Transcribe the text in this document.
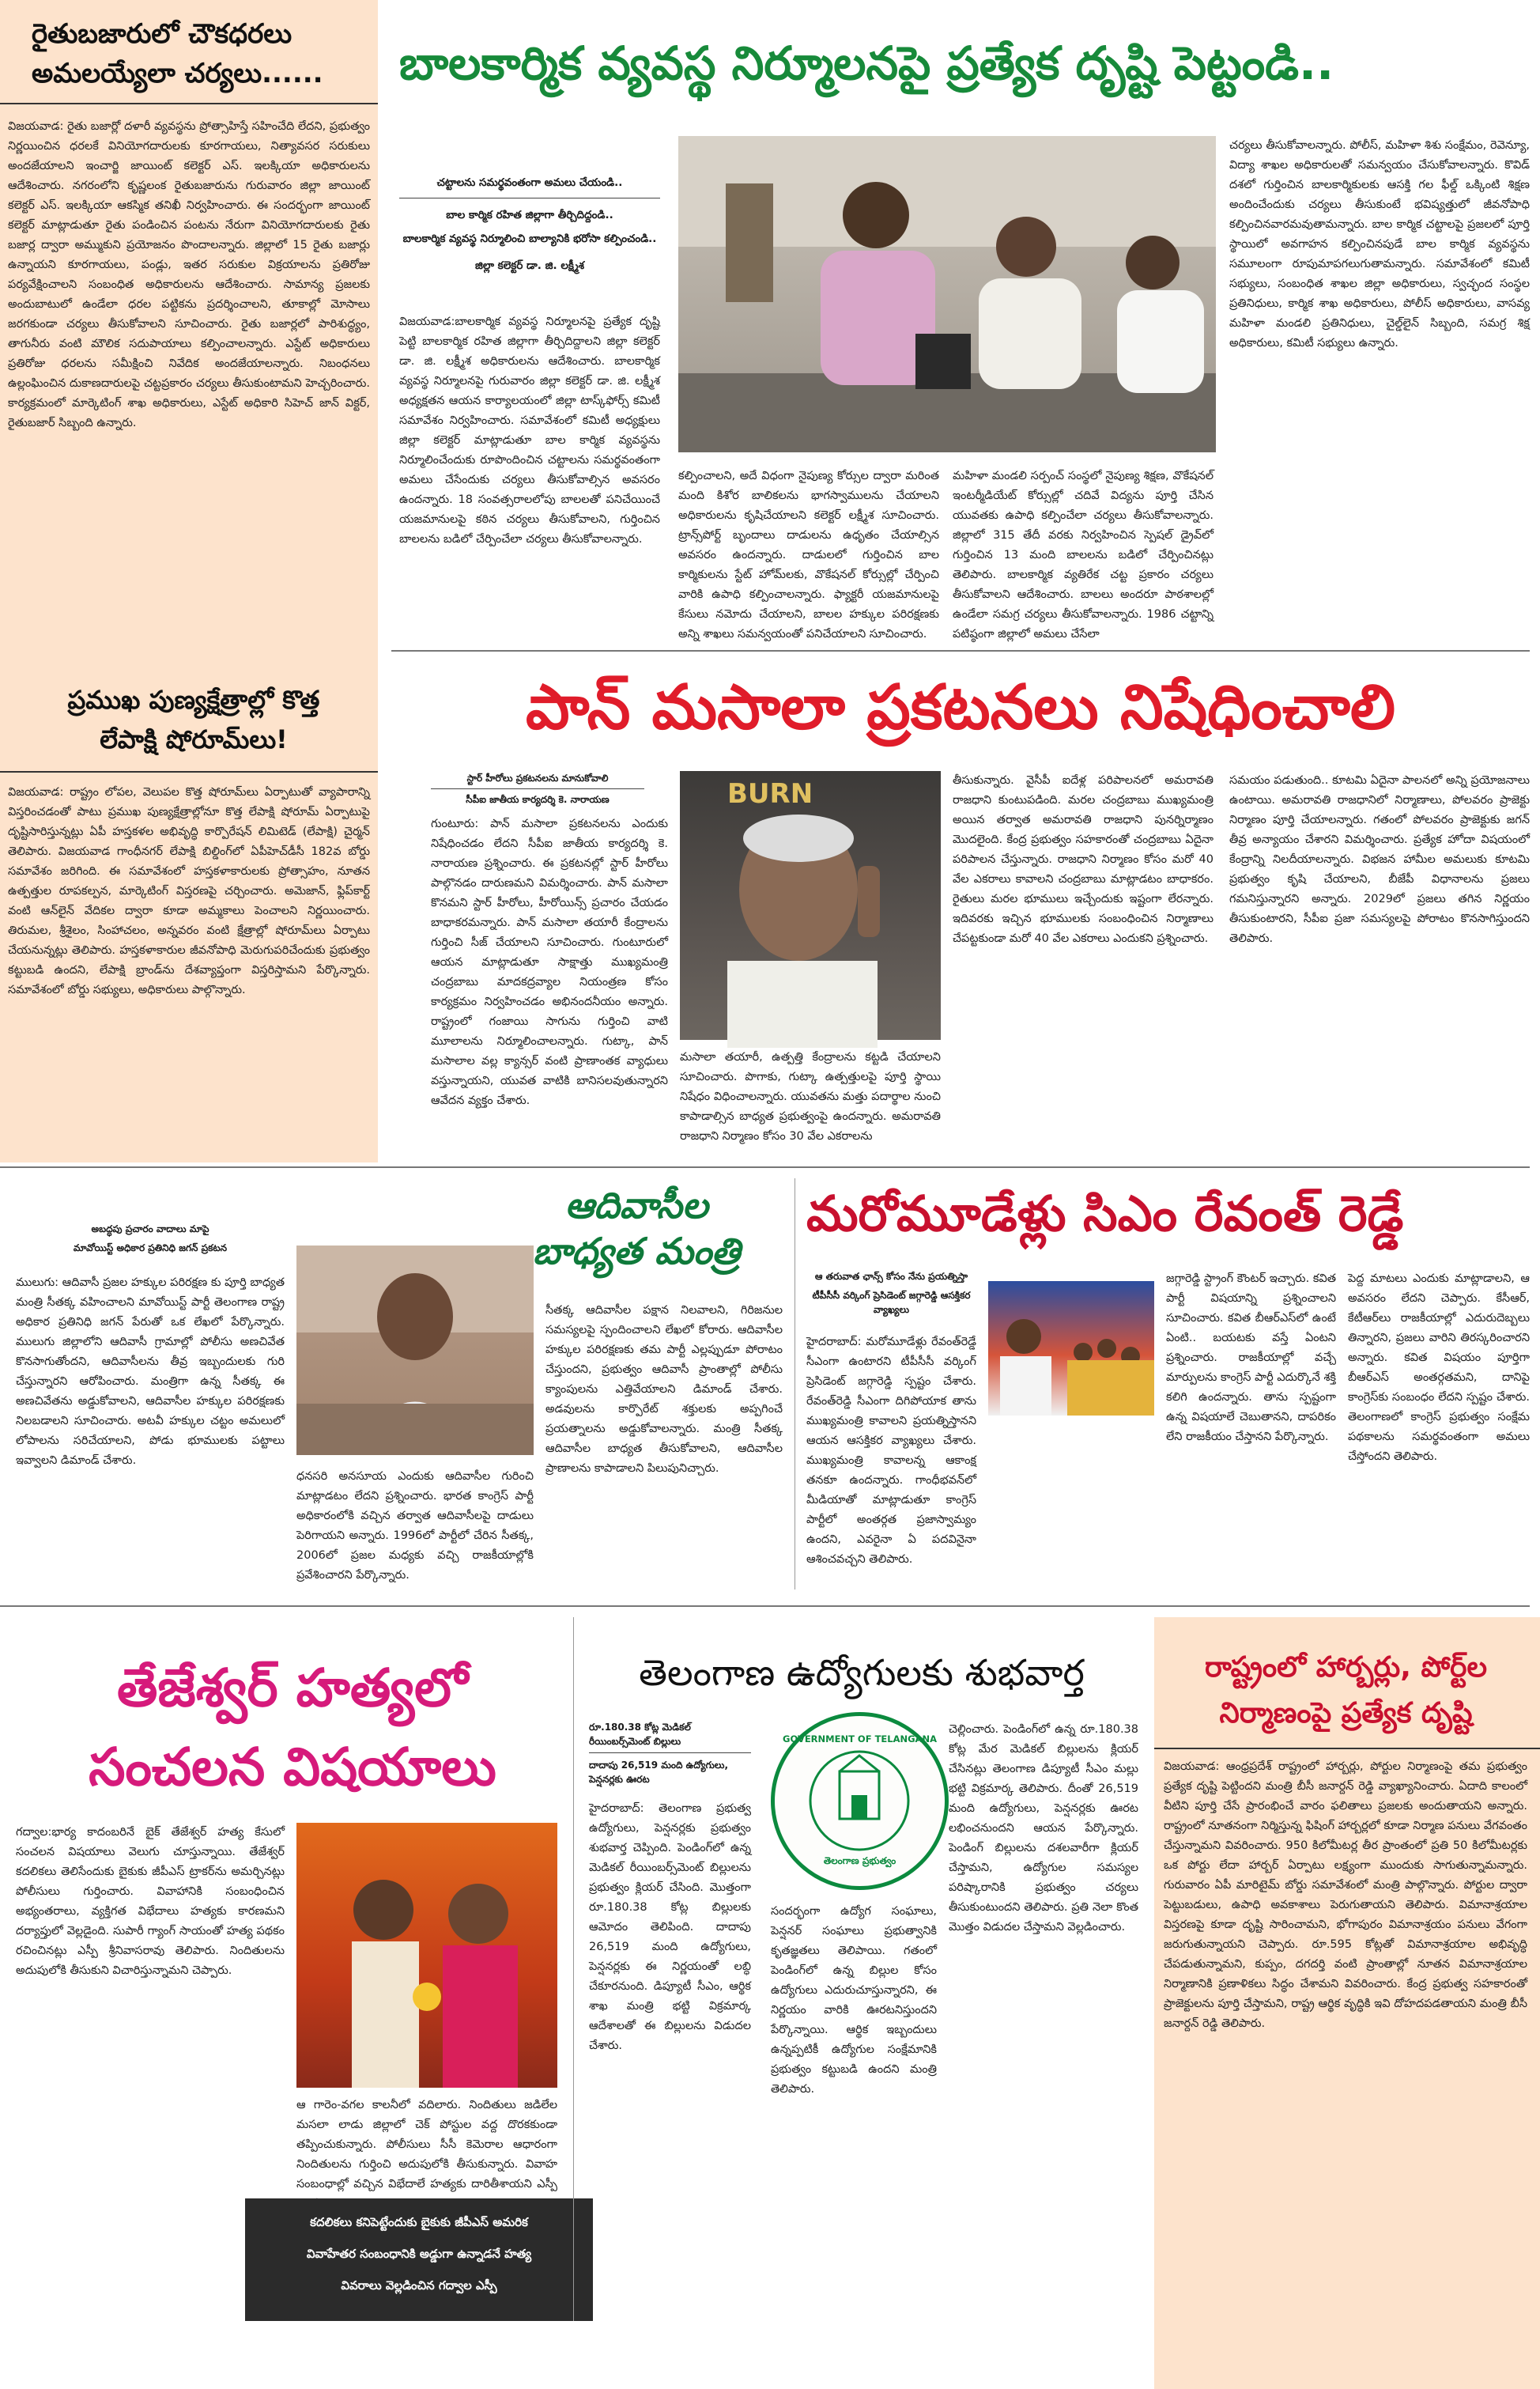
రైతుబజారులో చౌకధరలు
అమలయ్యేలా చర్యలు......
విజయవాడ: రైతు బజార్లో దళారీ వ్యవస్థను ప్రోత్సాహిస్తే సహించేది లేదని, ప్రభుత్వం నిర్ణయించిన ధరలకే వినియోగదారులకు కూరగాయలు, నిత్యావసర సరుకులు అందజేయాలని ఇంచార్జి జాయింట్ కలెక్టర్ ఎస్. ఇలక్కియా అధికారులను ఆదేశించారు. నగరంలోని కృష్ణలంక రైతుబజారును గురువారం జిల్లా జాయింట్ కలెక్టర్ ఎస్. ఇలక్కియా ఆకస్మిక తనిఖీ నిర్వహించారు. ఈ సందర్భంగా జాయింట్ కలెక్టర్ మాట్లాడుతూ రైతు పండించిన పంటను నేరుగా వినియోగదారులకు రైతు బజార్ల ద్వారా అమ్ముకుని ప్రయోజనం పొందాలన్నారు. జిల్లాలో 15 రైతు బజార్లు ఉన్నాయని కూరగాయలు, పండ్లు, ఇతర సరుకుల విక్రయాలను ప్రతిరోజు పర్యవేక్షించాలని సంబంధిత అధికారులను ఆదేశించారు. సామాన్య ప్రజలకు అందుబాటులో ఉండేలా ధరల పట్టికను ప్రదర్శించాలని, తూకాల్లో మోసాలు జరగకుండా చర్యలు తీసుకోవాలని సూచించారు. రైతు బజార్లలో పారిశుద్ధ్యం, తాగునీరు వంటి మౌలిక సదుపాయాలు కల్పించాలన్నారు. ఎస్టేట్ అధికారులు ప్రతిరోజు ధరలను సమీక్షించి నివేదిక అందజేయాలన్నారు. నిబంధనలు ఉల్లంఘించిన దుకాణదారులపై చట్టప్రకారం చర్యలు తీసుకుంటామని హెచ్చరించారు. కార్యక్రమంలో మార్కెటింగ్ శాఖ అధికారులు, ఎస్టేట్ అధికారి సిహెచ్ జాన్ విక్టర్, రైతుబజార్ సిబ్బంది ఉన్నారు.
ప్రముఖ పుణ్యక్షేత్రాల్లో కొత్త
లేపాక్షి షోరూమ్‌లు!
విజయవాడ: రాష్ట్రం లోపల, వెలుపల కొత్త షోరూమ్‌లు ఏర్పాటుతో వ్యాపారాన్ని విస్తరించడంతో పాటు ప్రముఖ పుణ్యక్షేత్రాల్లోనూ కొత్త లేపాక్షి షోరూమ్ ఏర్పాటుపై దృష్టిసారిస్తున్నట్లు ఏపీ హస్తకళల అభివృద్ధి కార్పొరేషన్ లిమిటెడ్ (లేపాక్షి) చైర్మన్ తెలిపారు. విజయవాడ గాంధీనగర్ లేపాక్షి బిల్డింగ్‌లో ఏపీహెచ్‌డీసీ 182వ బోర్డు సమావేశం జరిగింది. ఈ సమావేశంలో హస్తకళాకారులకు ప్రోత్సాహం, నూతన ఉత్పత్తుల రూపకల్పన, మార్కెటింగ్ విస్తరణపై చర్చించారు. అమెజాన్, ఫ్లిప్‌కార్ట్ వంటి ఆన్‌లైన్ వేదికల ద్వారా కూడా అమ్మకాలు పెంచాలని నిర్ణయించారు. తిరుమల, శ్రీశైలం, సింహాచలం, అన్నవరం వంటి క్షేత్రాల్లో షోరూమ్‌లు ఏర్పాటు చేయనున్నట్లు తెలిపారు. హస్తకళాకారుల జీవనోపాధి మెరుగుపరిచేందుకు ప్రభుత్వం కట్టుబడి ఉందని, లేపాక్షి బ్రాండ్‌ను దేశవ్యాప్తంగా విస్తరిస్తామని పేర్కొన్నారు. సమావేశంలో బోర్డు సభ్యులు, అధికారులు పాల్గొన్నారు.
బాలకార్మిక వ్యవస్థ నిర్మూలనపై ప్రత్యేక దృష్టి పెట్టండి..
చట్టాలను సమర్థవంతంగా అమలు చేయండి..
బాల కార్మిక రహిత జిల్లాగా తీర్చిదిద్దండి..
బాలకార్మిక వ్యవస్థ నిర్మూలించి బాల్యానికి భరోసా కల్పించండి..
జిల్లా కలెక్టర్ డా. జి. లక్ష్మీశ
విజయవాడ:బాలకార్మిక వ్యవస్థ నిర్మూలనపై ప్రత్యేక దృష్టి పెట్టి బాలకార్మిక రహిత జిల్లాగా తీర్చిదిద్దాలని జిల్లా కలెక్టర్ డా. జి. లక్ష్మీశ అధికారులను ఆదేశించారు. బాలకార్మిక వ్యవస్థ నిర్మూలనపై గురువారం జిల్లా కలెక్టర్ డా. జి. లక్ష్మీశ అధ్యక్షతన ఆయన కార్యాలయంలో జిల్లా టాస్క్‌ఫోర్స్ కమిటీ సమావేశం నిర్వహించారు. సమావేశంలో కమిటీ అధ్యక్షులు జిల్లా కలెక్టర్ మాట్లాడుతూ బాల కార్మిక వ్యవస్థను నిర్మూలించేందుకు రూపొందించిన చట్టాలను సమర్థవంతంగా అమలు చేసేందుకు చర్యలు తీసుకోవాల్సిన అవసరం ఉందన్నారు. 18 సంవత్సరాలలోపు బాలలతో పనిచేయించే యజమానులపై కఠిన చర్యలు తీసుకోవాలని, గుర్తించిన బాలలను బడిలో చేర్పించేలా చర్యలు తీసుకోవాలన్నారు.
కల్పించాలని, అదే విధంగా నైపుణ్య కోర్సుల ద్వారా మరింత మంది కిశోర బాలికలను భాగస్వాములను చేయాలని అధికారులను కృషిచేయాలని కలెక్టర్ లక్ష్మీశ సూచించారు. ట్రాన్స్‌పోర్ట్ బృందాలు దాడులను ఉధృతం చేయాల్సిన అవసరం ఉందన్నారు. దాడులలో గుర్తించిన బాల కార్మికులను స్టేట్ హోమ్‌లకు, వొకేషనల్ కోర్సుల్లో చేర్పించి వారికి ఉపాధి కల్పించాలన్నారు. ఫ్యాక్టరీ యజమానులపై కేసులు నమోదు చేయాలని, బాలల హక్కుల పరిరక్షణకు అన్ని శాఖలు సమన్వయంతో పనిచేయాలని సూచించారు.
మహిళా మండలి సర్పంచ్ సంస్థలో నైపుణ్య శిక్షణ, వొకేషనల్ ఇంటర్మీడియేట్ కోర్సుల్లో చదివే విద్యను పూర్తి చేసిన యువతకు ఉపాధి కల్పించేలా చర్యలు తీసుకోవాలన్నారు. జిల్లాలో 315 తేదీ వరకు నిర్వహించిన స్పెషల్ డ్రైవ్‌లో గుర్తించిన 13 మంది బాలలను బడిలో చేర్పించినట్లు తెలిపారు. బాలకార్మిక వ్యతిరేక చట్ట ప్రకారం చర్యలు తీసుకోవాలని ఆదేశించారు. బాలలు అందరూ పాఠశాలల్లో ఉండేలా సమగ్ర చర్యలు తీసుకోవాలన్నారు. 1986 చట్టాన్ని పటిష్ఠంగా జిల్లాలో అమలు చేసేలా
చర్యలు తీసుకోవాలన్నారు. పోలీస్, మహిళా శిశు సంక్షేమం, రెవెన్యూ, విద్యా శాఖల అధికారులతో సమన్వయం చేసుకోవాలన్నారు. కొవిడ్ దశలో గుర్తించిన బాలకార్మికులకు ఆసక్తి గల ఫీల్డ్ ఒక్కింటి శిక్షణ అందించేందుకు చర్యలు తీసుకుంటే భవిష్యత్తులో జీవనోపాధి కల్పించినవారమవుతామన్నారు. బాల కార్మిక చట్టాలపై ప్రజలలో పూర్తి స్థాయిలో అవగాహన కల్పించినపుడే బాల కార్మిక వ్యవస్థను సమూలంగా రూపుమాపగలుగుతామన్నారు. సమావేశంలో కమిటీ సభ్యులు, సంబంధిత శాఖల జిల్లా అధికారులు, స్వచ్ఛంద సంస్థల ప్రతినిధులు, కార్మిక శాఖ అధికారులు, పోలీస్ అధికారులు, వాసవ్య మహిళా మండలి ప్రతినిధులు, చైల్డ్‌లైన్ సిబ్బంది, సమగ్ర శిక్ష అధికారులు, కమిటీ సభ్యులు ఉన్నారు.
పాన్ మసాలా ప్రకటనలు నిషేధించాలి
స్టార్ హీరోలు ప్రకటనలను మానుకోవాలి
సీపీఐ జాతీయ కార్యదర్శి కె. నారాయణ
గుంటూరు: పాన్ మసాలా ప్రకటనలను ఎందుకు నిషేధించడం లేదని సీపీఐ జాతీయ కార్యదర్శి కె. నారాయణ ప్రశ్నించారు. ఈ ప్రకటనల్లో స్టార్ హీరోలు పాల్గొనడం దారుణమని విమర్శించారు. పాన్ మసాలా కొనమని స్టార్ హీరోలు, హీరోయిన్స్ ప్రచారం చేయడం బాధాకరమన్నారు. పాన్ మసాలా తయారీ కేంద్రాలను గుర్తించి సీజ్ చేయాలని సూచించారు. గుంటూరులో ఆయన మాట్లాడుతూ సాక్షాత్తు ముఖ్యమంత్రి చంద్రబాబు మాదకద్రవ్యాల నియంత్రణ కోసం కార్యక్రమం నిర్వహించడం అభినందనీయం అన్నారు. రాష్ట్రంలో గంజాయి సాగును గుర్తించి వాటి మూలాలను నిర్మూలించాలన్నారు. గుట్కా, పాన్ మసాలాల వల్ల క్యాన్సర్ వంటి ప్రాణాంతక వ్యాధులు వస్తున్నాయని, యువత వాటికి బానిసలవుతున్నారని ఆవేదన వ్యక్తం చేశారు.
BURN
మసాలా తయారీ, ఉత్పత్తి కేంద్రాలను కట్టడి చేయాలని సూచించారు. పొగాకు, గుట్కా ఉత్పత్తులపై పూర్తి స్థాయి నిషేధం విధించాలన్నారు. యువతను మత్తు పదార్థాల నుంచి కాపాడాల్సిన బాధ్యత ప్రభుత్వంపై ఉందన్నారు. అమరావతి రాజధాని నిర్మాణం కోసం 30 వేల ఎకరాలను
తీసుకున్నారు. వైసీపీ ఐదేళ్ల పరిపాలనలో అమరావతి రాజధాని కుంటుపడింది. మరల చంద్రబాబు ముఖ్యమంత్రి అయిన తర్వాత అమరావతి రాజధాని పునర్నిర్మాణం మొదలైంది. కేంద్ర ప్రభుత్వం సహకారంతో చంద్రబాబు ఏదైనా పరిపాలన చేస్తున్నారు. రాజధాని నిర్మాణం కోసం మరో 40 వేల ఎకరాలు కావాలని చంద్రబాబు మాట్లాడటం బాధాకరం. రైతులు మరల భూములు ఇచ్చేందుకు ఇష్టంగా లేరన్నారు. ఇదివరకు ఇచ్చిన భూములకు సంబంధించిన నిర్మాణాలు చేపట్టకుండా మరో 40 వేల ఎకరాలు ఎందుకని ప్రశ్నించారు.
సమయం పడుతుంది.. కూటమి ఏదైనా పాలనలో అన్ని ప్రయోజనాలు ఉంటాయి. అమరావతి రాజధానిలో నిర్మాణాలు, పోలవరం ప్రాజెక్టు నిర్మాణం పూర్తి చేయాలన్నారు. గతంలో పోలవరం ప్రాజెక్టుకు జగన్ తీవ్ర అన్యాయం చేశారని విమర్శించారు. ప్రత్యేక హోదా విషయంలో కేంద్రాన్ని నిలదీయాలన్నారు. విభజన హామీల అమలుకు కూటమి ప్రభుత్వం కృషి చేయాలని, బీజేపీ విధానాలను ప్రజలు గమనిస్తున్నారని అన్నారు. 2029లో ప్రజలు తగిన నిర్ణయం తీసుకుంటారని, సీపీఐ ప్రజా సమస్యలపై పోరాటం కొనసాగిస్తుందని తెలిపారు.
అబద్ధపు ప్రచారం వాదాలు మాపై
మావోయిస్ట్ అధికార ప్రతినిధి జగన్ ప్రకటన
ములుగు: ఆదివాసీ ప్రజల హక్కుల పరిరక్షణ కు పూర్తి బాధ్యత మంత్రి సీతక్క వహించాలని మావోయిస్ట్ పార్టీ తెలంగాణ రాష్ట్ర అధికార ప్రతినిధి జగన్ పేరుతో ఒక లేఖలో పేర్కొన్నారు. ములుగు జిల్లాలోని ఆదివాసీ గ్రామాల్లో పోలీసు అణచివేత కొనసాగుతోందని, ఆదివాసీలను తీవ్ర ఇబ్బందులకు గురి చేస్తున్నారని ఆరోపించారు. మంత్రిగా ఉన్న సీతక్క ఈ అణచివేతను అడ్డుకోవాలని, ఆదివాసీల హక్కుల పరిరక్షణకు నిలబడాలని సూచించారు. అటవీ హక్కుల చట్టం అమలులో లోపాలను సరిచేయాలని, పోడు భూములకు పట్టాలు ఇవ్వాలని డిమాండ్ చేశారు.
ధనసరి అనసూయ ఎందుకు ఆదివాసీల గురించి మాట్లాడటం లేదని ప్రశ్నించారు. భారత కాంగ్రెస్ పార్టీ అధికారంలోకి వచ్చిన తర్వాత ఆదివాసీలపై దాడులు పెరిగాయని అన్నారు. 1996లో పార్టీలో చేరిన సీతక్క, 2006లో ప్రజల మధ్యకు వచ్చి రాజకీయాల్లోకి ప్రవేశించారని పేర్కొన్నారు.
ఆదివాసీల బాధ్యత మంత్రి
సీతక్క ఆదివాసీల పక్షాన నిలవాలని, గిరిజనుల సమస్యలపై స్పందించాలని లేఖలో కోరారు. ఆదివాసీల హక్కుల పరిరక్షణకు తమ పార్టీ ఎల్లప్పుడూ పోరాటం చేస్తుందని, ప్రభుత్వం ఆదివాసీ ప్రాంతాల్లో పోలీసు క్యాంపులను ఎత్తివేయాలని డిమాండ్ చేశారు. అడవులను కార్పొరేట్ శక్తులకు అప్పగించే ప్రయత్నాలను అడ్డుకోవాలన్నారు. మంత్రి సీతక్క ఆదివాసీల బాధ్యత తీసుకోవాలని, ఆదివాసీల ప్రాణాలను కాపాడాలని పిలుపునిచ్చారు.
మరోమూడేళ్లు సిఎం రేవంత్ రెడ్డే
ఆ తరువాత ఛాన్స్ కోసం నేను ప్రయత్నిస్తా
టీపీసీసీ వర్కింగ్ ప్రెసిడెంట్ జగ్గారెడ్డి ఆసక్తికర వ్యాఖ్యలు
హైదరాబాద్: మరోమూడేళ్లు రేవంత్‌రెడ్డే సీఎంగా ఉంటారని టీపీసీసీ వర్కింగ్ ప్రెసిడెంట్ జగ్గారెడ్డి స్పష్టం చేశారు. రేవంత్‌రెడ్డి సీఎంగా దిగిపోయాక తాను ముఖ్యమంత్రి కావాలని ప్రయత్నిస్తానని ఆయన ఆసక్తికర వ్యాఖ్యలు చేశారు. ముఖ్యమంత్రి కావాలన్న ఆకాంక్ష తనకూ ఉందన్నారు. గాంధీభవన్‌లో మీడియాతో మాట్లాడుతూ కాంగ్రెస్ పార్టీలో అంతర్గత ప్రజాస్వామ్యం ఉందని, ఎవరైనా ఏ పదవినైనా ఆశించవచ్చని తెలిపారు.
జగ్గారెడ్డి స్ట్రాంగ్ కౌంటర్ ఇచ్చారు. కవిత పార్టీ విషయాన్ని ప్రశ్నించాలని సూచించారు. కవిత బీఆర్ఎస్‌లో ఉంటే ఏంటి.. బయటకు వస్తే ఏంటని ప్రశ్నించారు. రాజకీయాల్లో వచ్చే మార్పులను కాంగ్రెస్ పార్టీ ఎదుర్కొనే శక్తి కలిగి ఉందన్నారు. తాను స్పష్టంగా ఉన్న విషయాలే చెబుతానని, దాపరికం లేని రాజకీయం చేస్తానని పేర్కొన్నారు.
పెద్ద మాటలు ఎందుకు మాట్లాడాలని, ఆ అవసరం లేదని చెప్పారు. కేసీఆర్, కేటీఆర్‌లు రాజకీయాల్లో ఎదురుదెబ్బలు తిన్నారని, ప్రజలు వారిని తిరస్కరించారని అన్నారు. కవిత విషయం పూర్తిగా బీఆర్ఎస్ అంతర్గతమని, దానిపై కాంగ్రెస్‌కు సంబంధం లేదని స్పష్టం చేశారు. తెలంగాణలో కాంగ్రెస్ ప్రభుత్వం సంక్షేమ పథకాలను సమర్థవంతంగా అమలు చేస్తోందని తెలిపారు.
తేజేశ్వర్ హత్యలో
సంచలన విషయాలు
గద్వాల:భార్య కాదంబరినే బైక్ తేజేశ్వర్ హత్య కేసులో సంచలన విషయాలు వెలుగు చూస్తున్నాయి. తేజేశ్వర్ కదలికలు తెలిసేందుకు బైకుకు జీపీఎస్ ట్రాకర్‌ను అమర్చినట్లు పోలీసులు గుర్తించారు. వివాహానికి సంబంధించిన అభ్యంతరాలు, వ్యక్తిగత విభేదాలు హత్యకు కారణమని దర్యాప్తులో వెల్లడైంది. సుపారీ గ్యాంగ్ సాయంతో హత్య పథకం రచించినట్లు ఎస్పీ శ్రీనివాసరావు తెలిపారు. నిందితులను అదుపులోకి తీసుకుని విచారిస్తున్నామని చెప్పారు.
ఆ గారెం-వగల కాలనీలో వదిలారు. నిందితులు జడిలేల మసలా లాడు జిల్లాలో చెక్ పోస్టుల వద్ద దొరకకుండా తప్పించుకున్నారు. పోలీసులు సీసీ కెమెరాల ఆధారంగా నిందితులను గుర్తించి అదుపులోకి తీసుకున్నారు. వివాహ సంబంధాల్లో వచ్చిన విభేదాలే హత్యకు దారితీశాయని ఎస్పీ
కదలికలు కనిపెట్టేందుకు బైకుకు జీపీఎస్ అమరిక
వివాహేతర సంబంధానికి అడ్డుగా ఉన్నాడనే హత్య
వివరాలు వెల్లడించిన గద్వాల ఎస్పీ
తెలంగాణ ఉద్యోగులకు శుభవార్త
రూ.180.38 కోట్ల మెడికల్ రీయింబర్స్‌మెంట్ బిల్లులు
దాదాపు 26,519 మంది ఉద్యోగులు, పెన్షనర్లకు ఊరట
హైదరాబాద్: తెలంగాణ ప్రభుత్వ ఉద్యోగులు, పెన్షనర్లకు ప్రభుత్వం శుభవార్త చెప్పింది. పెండింగ్‌లో ఉన్న మెడికల్ రీయింబర్స్‌మెంట్ బిల్లులను ప్రభుత్వం క్లియర్ చేసింది. మొత్తంగా రూ.180.38 కోట్ల బిల్లులకు ఆమోదం తెలిపింది. దాదాపు 26,519 మంది ఉద్యోగులు, పెన్షనర్లకు ఈ నిర్ణయంతో లబ్ధి చేకూరనుంది. డిప్యూటీ సీఎం, ఆర్థిక శాఖ మంత్రి భట్టి విక్రమార్క ఆదేశాలతో ఈ బిల్లులను విడుదల చేశారు.
GOVERNMENT OF TELANGANA
తెలంగాణ ప్రభుత్వం
సందర్భంగా ఉద్యోగ సంఘాలు, పెన్షనర్ సంఘాలు ప్రభుత్వానికి కృతజ్ఞతలు తెలిపాయి. గతంలో పెండింగ్‌లో ఉన్న బిల్లుల కోసం ఉద్యోగులు ఎదురుచూస్తున్నారని, ఈ నిర్ణయం వారికి ఊరటనిస్తుందని పేర్కొన్నాయి. ఆర్థిక ఇబ్బందులు ఉన్నప్పటికీ ఉద్యోగుల సంక్షేమానికి ప్రభుత్వం కట్టుబడి ఉందని మంత్రి తెలిపారు.
చెల్లించారు. పెండింగ్‌లో ఉన్న రూ.180.38 కోట్ల మేర మెడికల్ బిల్లులను క్లియర్ చేసినట్లు తెలంగాణ డిప్యూటీ సీఎం మల్లు భట్టి విక్రమార్క తెలిపారు. దీంతో 26,519 మంది ఉద్యోగులు, పెన్షనర్లకు ఊరట లభించనుందని ఆయన పేర్కొన్నారు. పెండింగ్ బిల్లులను దశలవారీగా క్లియర్ చేస్తామని, ఉద్యోగుల సమస్యల పరిష్కారానికి ప్రభుత్వం చర్యలు తీసుకుంటుందని తెలిపారు. ప్రతి నెలా కొంత మొత్తం విడుదల చేస్తామని వెల్లడించారు.
రాష్ట్రంలో హార్బర్లు, పోర్ట్‌ల
నిర్మాణంపై ప్రత్యేక దృష్టి
విజయవాడ: ఆంధ్రప్రదేశ్ రాష్ట్రంలో హార్బర్లు, పోర్టుల నిర్మాణంపై తమ ప్రభుత్వం ప్రత్యేక దృష్టి పెట్టిందని మంత్రి బీసీ జనార్దన్ రెడ్డి వ్యాఖ్యానించారు. ఏదాది కాలంలో వీటిని పూర్తి చేసే ప్రారంభించే వారం ఫలితాలు ప్రజలకు అందుతాయని అన్నారు. రాష్ట్రంలో నూతనంగా నిర్మిస్తున్న ఫిషింగ్ హార్బర్లలో కూడా నిర్మాణ పనులు వేగవంతం చేస్తున్నామని వివరించారు. 950 కిలోమీటర్ల తీర ప్రాంతంలో ప్రతి 50 కిలోమీటర్లకు ఒక పోర్టు లేదా హార్బర్ ఏర్పాటు లక్ష్యంగా ముందుకు సాగుతున్నామన్నారు. గురువారం ఏపీ మారిటైమ్ బోర్డు సమావేశంలో మంత్రి పాల్గొన్నారు. పోర్టుల ద్వారా పెట్టుబడులు, ఉపాధి అవకాశాలు పెరుగుతాయని తెలిపారు. విమానాశ్రయాల విస్తరణపై కూడా దృష్టి సారించామని, భోగాపురం విమానాశ్రయం పనులు వేగంగా జరుగుతున్నాయని చెప్పారు. రూ.595 కోట్లతో విమానాశ్రయాల అభివృద్ధి చేపడుతున్నామని, కుప్పం, దగదర్తి వంటి ప్రాంతాల్లో నూతన విమానాశ్రయాల నిర్మాణానికి ప్రణాళికలు సిద్ధం చేశామని వివరించారు. కేంద్ర ప్రభుత్వ సహకారంతో ప్రాజెక్టులను పూర్తి చేస్తామని, రాష్ట్ర ఆర్థిక వృద్ధికి ఇవి దోహదపడతాయని మంత్రి బీసీ జనార్దన్ రెడ్డి తెలిపారు.
